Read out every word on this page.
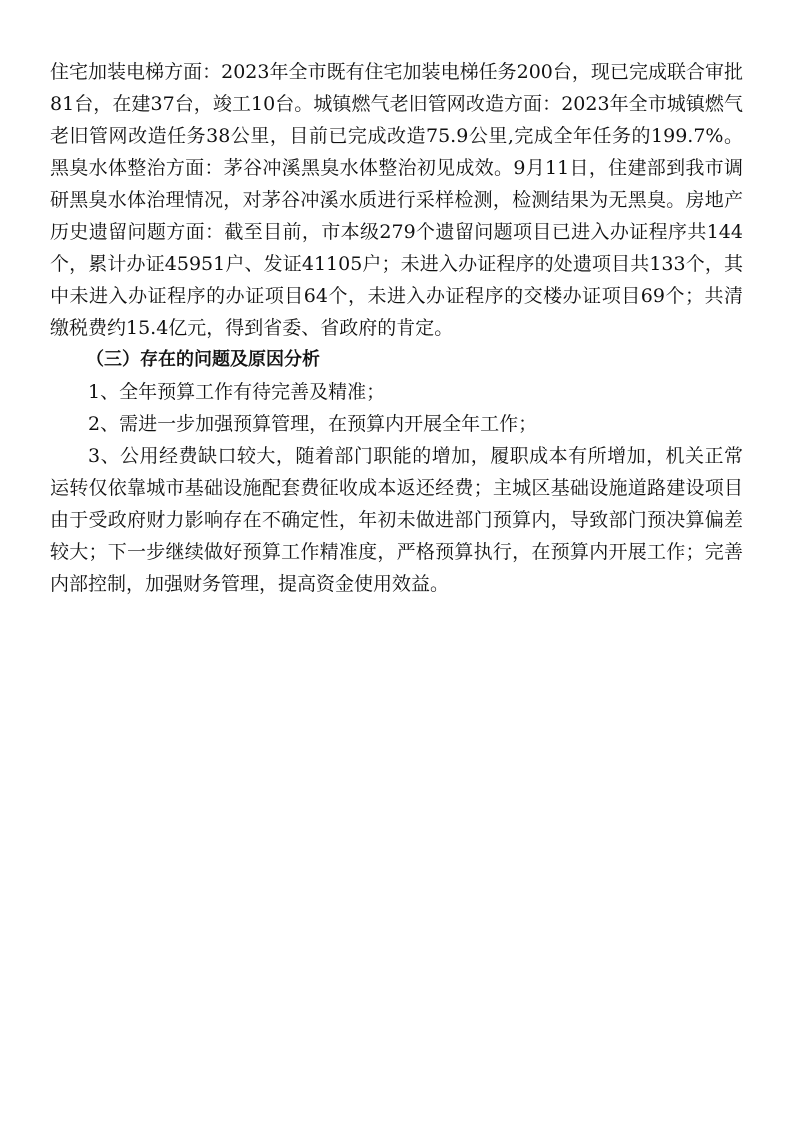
住宅加装电梯方面：2023年全市既有住宅加装电梯任务200台，现已完成联合审批81台，在建37台，竣工10台。城镇燃气老旧管网改造方面：2023年全市城镇燃气老旧管网改造任务38公里，目前已完成改造75.9公里,完成全年任务的199.7%。黑臭水体整治方面：茅谷冲溪黑臭水体整治初见成效。9月11日，住建部到我市调研黑臭水体治理情况，对茅谷冲溪水质进行采样检测，检测结果为无黑臭。房地产历史遗留问题方面：截至目前，市本级279个遗留问题项目已进入办证程序共144个，累计办证45951户、发证41105户；未进入办证程序的处遗项目共133个，其中未进入办证程序的办证项目64个，未进入办证程序的交楼办证项目69个；共清缴税费约15.4亿元，得到省委、省政府的肯定。

（三）存在的问题及原因分析

1、全年预算工作有待完善及精准；

2、需进一步加强预算管理，在预算内开展全年工作；

3、公用经费缺口较大，随着部门职能的增加，履职成本有所增加，机关正常运转仅依靠城市基础设施配套费征收成本返还经费；主城区基础设施道路建设项目由于受政府财力影响存在不确定性，年初未做进部门预算内，导致部门预决算偏差较大；下一步继续做好预算工作精准度，严格预算执行，在预算内开展工作；完善内部控制，加强财务管理，提高资金使用效益。
